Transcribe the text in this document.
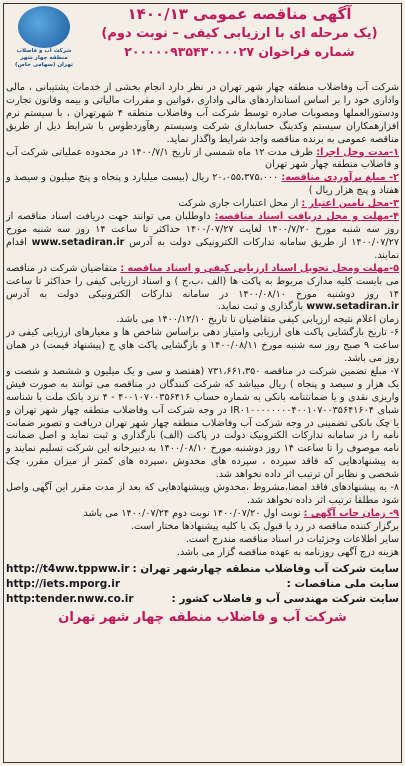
شرکت آب و فاضلاب منطقه چهار شهر تهران (سهامی خاص)
آگهی مناقصه عمومی ۱۴۰۰/۱۳
(یک مرحله ای با ارزیابی کیفی – نوبت دوم)
شماره فراخوان ۲۰۰۰۰۰۹۳۵۴۳۰۰۰۰۲۷

شرکت آب وفاضلاب منطقه چهار شهر تهران در نظر دارد انجام بخشی از خدمات پشتیبانی ، مالی واداری خود را بر اساس استانداردهای مالی واداری ،قوانین و مقررات مالیاتی و بیمه وقانون تجارت ودستورالعملها ومصوبات صادره توسط شرکت آب وفاضلاب منطقه ۴ شهرتهران ، با سیستم نرم افزارهمکاران سیستم وکدینگ حسابداری شرکت وسیستم رهآوردطوس با شرایط ذیل از طریق مناقصه عمومی به برنده مناقصه واجد شرایط واگذار نماید.

۱-مدت وحل اجرا: ظرف مدت ۱۲ ماه شمسی از تاریخ ۱۴۰۰/۷/۱ در محدوده عملیاتی شرکت آب و فاضلاب منطقه چهار شهر تهران

۲- مبلغ برآوردی مناقصه: ۲۰،۰۵۵،۳۷۵،۰۰۰ ریال (بیست میلیارد و پنجاه و پنج میلیون و سیصد و هفتاد و پنج هزار ریال )

۳-محل تامین اعتبار : از محل اعتبارات جاری شرکت

۴-مهلت و محل دریافت اسناد مناقصه: داوطلبان می توانند جهت دریافت اسناد مناقصه از روز سه شنبه مورخ ۱۴۰۰/۷/۲۰ لغایت ۱۴۰۰/۰۷/۲۷ حداکثر تا ساعت ۱۴ روز سه شنبه مورخ ۱۴۰۰/۰۷/۲۷ از طریق سامانه تدارکات الکترونیکی دولت به آدرس www.setadiran.ir اقدام نمایند.

۵-مهلت ومحل تحویل اسناد ارزیابی کیفی و اسناد مناقصه : متقاضیان شرکت در مناقصه می بایست کلیه مدارک مربوط به پاکت ها (الف ،ب،ج ) و اسناد ارزیابی کیفی را حداکثر تا ساعت ۱۴ روز دوشنبه مورخ ۱۴۰۰/۰۸/۱۰ در سامانه تدارکات الکترونیکی دولت به آدرس www.setadiran.ir بارگذاری و ثبت نماید.

زمان اعلام نتیجه ارزیابی کیفی متقاضیان تا تاریخ ۱۴۰۰/۱۲/۱۰ می باشد.

۶- تاریخ بازگشایی پاکت های ارزیابی وامتیاز دهی براساس شاخص ها و معیارهای ارزیابی کیفی در ساعت ۹ صبح روز سه شنبه مورخ ۱۴۰۰/۰۸/۱۱ و بازگشایی پاکت های ج (پیشنهاد قیمت) در همان روز می باشد.

۷- مبلغ تضمین شرکت در مناقصه ۷۳۱،۶۶۱،۳۵۰ (هفتصد و سی و یک میلیون و ششصد و شصت و یک هزار و سیصد و پنجاه ) ریال میباشد که شرکت کنندگان در مناقصه می توانند به صورت فیش واریزی نقدی و یا ضمانتنامه بانکی به شماره حساب ۴۰۰۱۰۷۰۰۳۵۶۴۱۶ - ۴ نزد بانک ملت با شناسه شبای IR۰۱۰۰۰۰۰۰۰۰۴۰۰۱۰۷۰۰۳۵۶۴۱۶۰۴ در وجه شرکت آب وفاضلاب منطقه چهار شهر تهران و یا چک بانکی تضمینی در وجه شرکت آب وفاضلاب منطقه چهار شهر تهران دریافت و تصویر ضمانت نامه را در سامانه تدارکات الکترونیک دولت در پاکت (الف) بارگذاری و ثبت نماید و اصل ضمانت نامه موصوف را تا ساعت ۱۴ روز دوشنبه مورخ ۱۴۰۰/۰۸/۱۰ به دبیرخانه این شرکت تسلیم نمایند و به پیشنهادهایی که فاقد سپرده ، سپرده های مخدوش ،سپرده های کمتر از میزان مقرر، چک شخصی و نظایر آن ترتیب اثر داده نخواهد شد.

۸- به پیشنهادهای فاقد امضا،مشروط ،مخدوش وپیشنهادهایی که بعد از مدت مقرر این آگهی واصل شود مطلقا ترتیب اثر داده نخواهد شد.

۹- زمان چاپ آگهی : نوبت اول ۱۴۰۰/۰۷/۲۰ نوبت دوم ۱۴۰۰/۰۷/۲۴ می باشد

برگزار کننده مناقصه در رد یا قبول یک یا کلیه پیشنهادها مختار است.

سایر اطلاعات وجزئیات در اسناد مناقصه مندرج است.

هزینه درج آگهی روزنامه به عهده مناقصه گزار می باشد.

سایت شرکت آب وفاضلاب منطقه چهارشهر تهران :
http://t4ww.tppww.ir
سایت ملی مناقصات :
http://iets.mporg.ir
سایت شرکت مهندسی آب و فاضلاب کشور :
http:tender.nww.co.ir
شرکت آب و فاضلاب منطقه چهار شهر تهران
